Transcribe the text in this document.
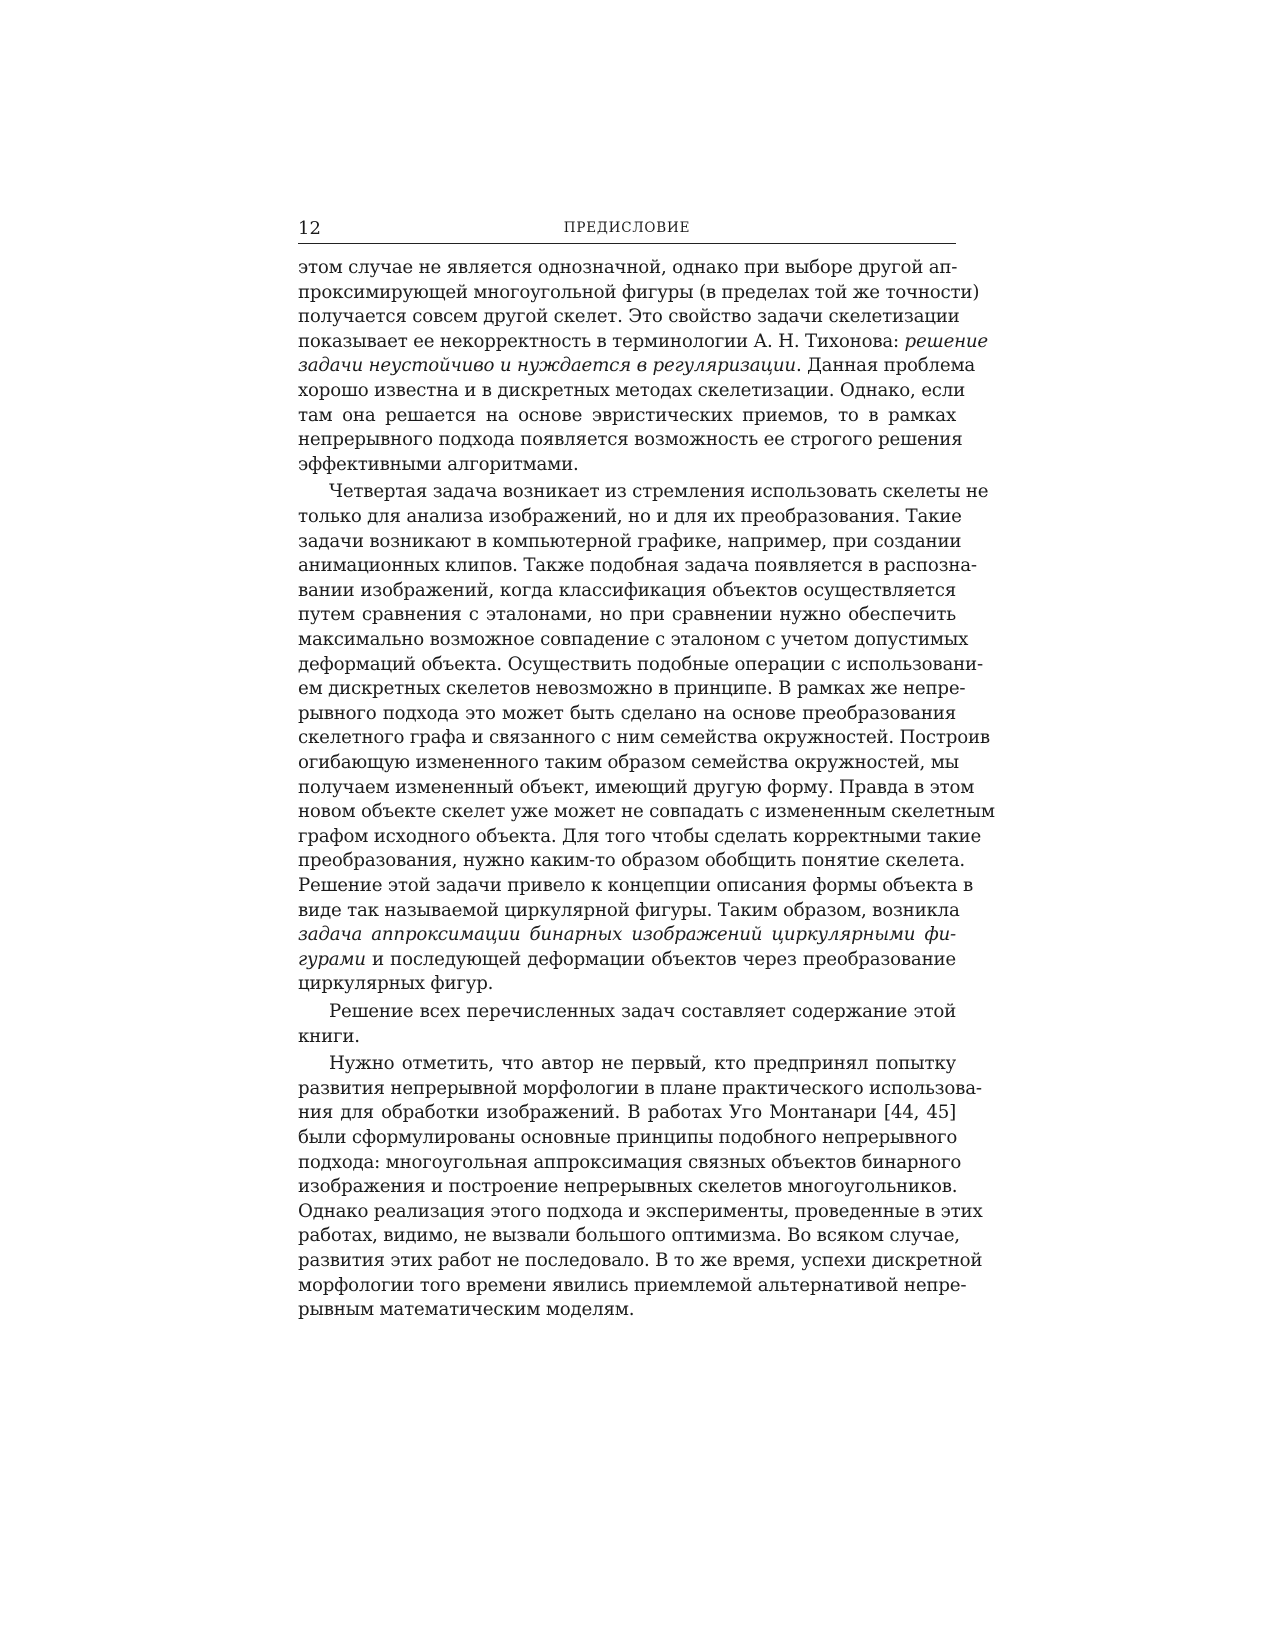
12	ПРЕДИСЛОВИЕ
этом случае не является однозначной, однако при выборе другой ап-
проксимирующей многоугольной фигуры (в пределах той же точности)
получается совсем другой скелет. Это свойство задачи скелетизации
показывает ее некорректность в терминологии А. Н. Тихонова: решение
задачи неустойчиво и нуждается в регуляризации. Данная проблема
хорошо известна и в дискретных методах скелетизации. Однако, если
там она решается на основе эвристических приемов, то в рамках
непрерывного подхода появляется возможность ее строгого решения
эффективными алгоритмами.
Четвертая задача возникает из стремления использовать скелеты не
только для анализа изображений, но и для их преобразования. Такие
задачи возникают в компьютерной графике, например, при создании
анимационных клипов. Также подобная задача появляется в распозна-
вании изображений, когда классификация объектов осуществляется
путем сравнения с эталонами, но при сравнении нужно обеспечить
максимально возможное совпадение с эталоном с учетом допустимых
деформаций объекта. Осуществить подобные операции с использовани-
ем дискретных скелетов невозможно в принципе. В рамках же непре-
рывного подхода это может быть сделано на основе преобразования
скелетного графа и связанного с ним семейства окружностей. Построив
огибающую измененного таким образом семейства окружностей, мы
получаем измененный объект, имеющий другую форму. Правда в этом
новом объекте скелет уже может не совпадать с измененным скелетным
графом исходного объекта. Для того чтобы сделать корректными такие
преобразования, нужно каким-то образом обобщить понятие скелета.
Решение этой задачи привело к концепции описания формы объекта в
виде так называемой циркулярной фигуры. Таким образом, возникла
задача аппроксимации бинарных изображений циркулярными фи-
гурами и последующей деформации объектов через преобразование
циркулярных фигур.
Решение всех перечисленных задач составляет содержание этой
книги.
Нужно отметить, что автор не первый, кто предпринял попытку
развития непрерывной морфологии в плане практического использова-
ния для обработки изображений. В работах Уго Монтанари [44, 45]
были сформулированы основные принципы подобного непрерывного
подхода: многоугольная аппроксимация связных объектов бинарного
изображения и построение непрерывных скелетов многоугольников.
Однако реализация этого подхода и эксперименты, проведенные в этих
работах, видимо, не вызвали большого оптимизма. Во всяком случае,
развития этих работ не последовало. В то же время, успехи дискретной
морфологии того времени явились приемлемой альтернативой непре-
рывным математическим моделям.
